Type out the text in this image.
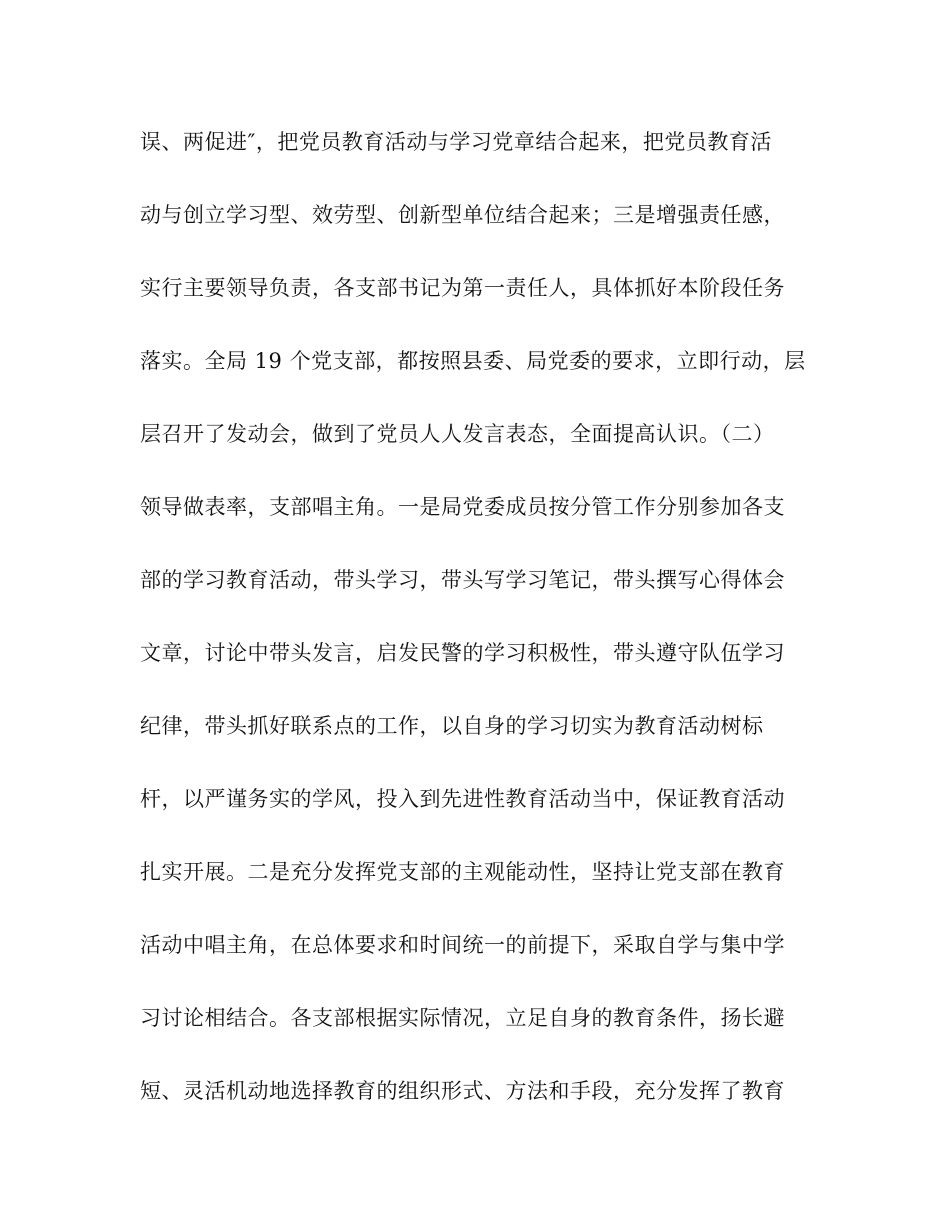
误、两促进″，把党员教育活动与学习党章结合起来，把党员教育活
动与创立学习型、效劳型、创新型单位结合起来；三是增强责任感，
实行主要领导负责，各支部书记为第一责任人，具体抓好本阶段任务
落实。全局 19 个党支部，都按照县委、局党委的要求，立即行动，层
层召开了发动会，做到了党员人人发言表态，全面提高认识。（二）
领导做表率，支部唱主角。一是局党委成员按分管工作分别参加各支
部的学习教育活动，带头学习，带头写学习笔记，带头撰写心得体会
文章，讨论中带头发言，启发民警的学习积极性，带头遵守队伍学习
纪律，带头抓好联系点的工作，以自身的学习切实为教育活动树标
杆，以严谨务实的学风，投入到先进性教育活动当中，保证教育活动
扎实开展。二是充分发挥党支部的主观能动性，坚持让党支部在教育
活动中唱主角，在总体要求和时间统一的前提下，采取自学与集中学
习讨论相结合。各支部根据实际情况，立足自身的教育条件，扬长避
短、灵活机动地选择教育的组织形式、方法和手段，充分发挥了教育
